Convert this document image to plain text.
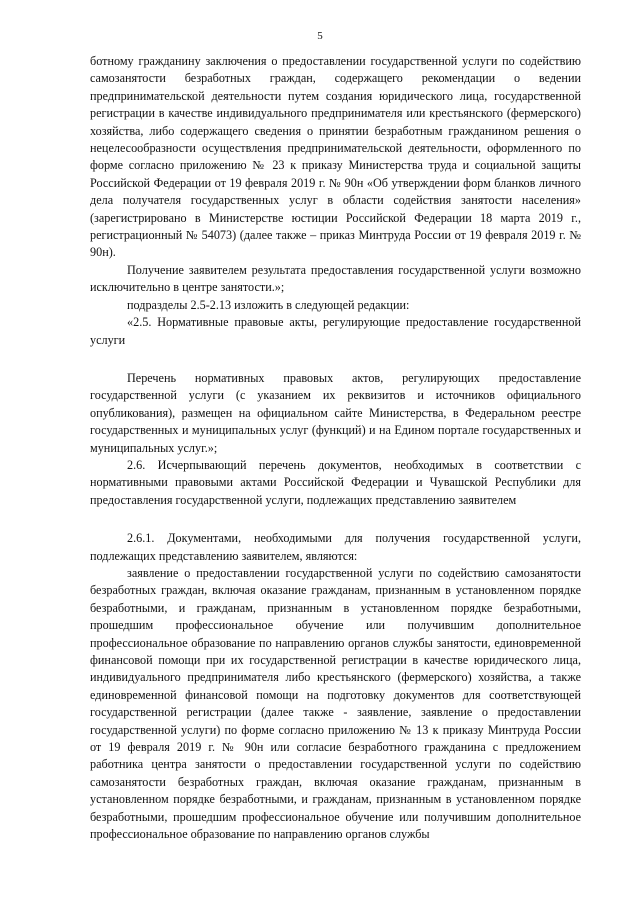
5

ботному гражданину заключения о предоставлении государственной услуги по содействию самозанятости безработных граждан, содержащего рекомендации о ведении предпринимательской деятельности путем создания юридического лица, государственной регистрации в качестве индивидуального предпринимателя или крестьянского (фермерского) хозяйства, либо содержащего сведения о принятии безработным гражданином решения о нецелесообразности осуществления предпринимательской деятельности, оформленного по форме согласно приложению № 23 к приказу Министерства труда и социальной защиты Российской Федерации от 19 февраля 2019 г. № 90н «Об утверждении форм бланков личного дела получателя государственных услуг в области содействия занятости населения» (зарегистрировано в Министерстве юстиции Российской Федерации 18 марта 2019 г., регистрационный № 54073) (далее также – приказ Минтруда России от 19 февраля 2019 г. № 90н).

Получение заявителем результата предоставления государственной услуги возможно исключительно в центре занятости.»;

подразделы 2.5-2.13 изложить в следующей редакции:

«2.5. Нормативные правовые акты, регулирующие предоставление государственной услуги

Перечень нормативных правовых актов, регулирующих предоставление государственной услуги (с указанием их реквизитов и источников официального опубликования), размещен на официальном сайте Министерства, в Федеральном реестре государственных и муниципальных услуг (функций) и на Едином портале государственных и муниципальных услуг.»;

2.6. Исчерпывающий перечень документов, необходимых в соответствии с нормативными правовыми актами Российской Федерации и Чувашской Республики для предоставления государственной услуги, подлежащих представлению заявителем

2.6.1. Документами, необходимыми для получения государственной услуги, подлежащих представлению заявителем, являются:

заявление о предоставлении государственной услуги по содействию самозанятости безработных граждан, включая оказание гражданам, признанным в установленном порядке безработными, и гражданам, признанным в установленном порядке безработными, прошедшим профессиональное обучение или получившим дополнительное профессиональное образование по направлению органов службы занятости, единовременной финансовой помощи при их государственной регистрации в качестве юридического лица, индивидуального предпринимателя либо крестьянского (фермерского) хозяйства, а также единовременной финансовой помощи на подготовку документов для соответствующей государственной регистрации (далее также - заявление, заявление о предоставлении государственной услуги) по форме согласно приложению № 13 к приказу Минтруда России от 19 февраля 2019 г. № 90н или согласие безработного гражданина с предложением работника центра занятости о предоставлении государственной услуги по содействию самозанятости безработных граждан, включая оказание гражданам, признанным в установленном порядке безработными, и гражданам, признанным в установленном порядке безработными, прошедшим профессиональное обучение или получившим дополнительное профессиональное образование по направлению органов службы
